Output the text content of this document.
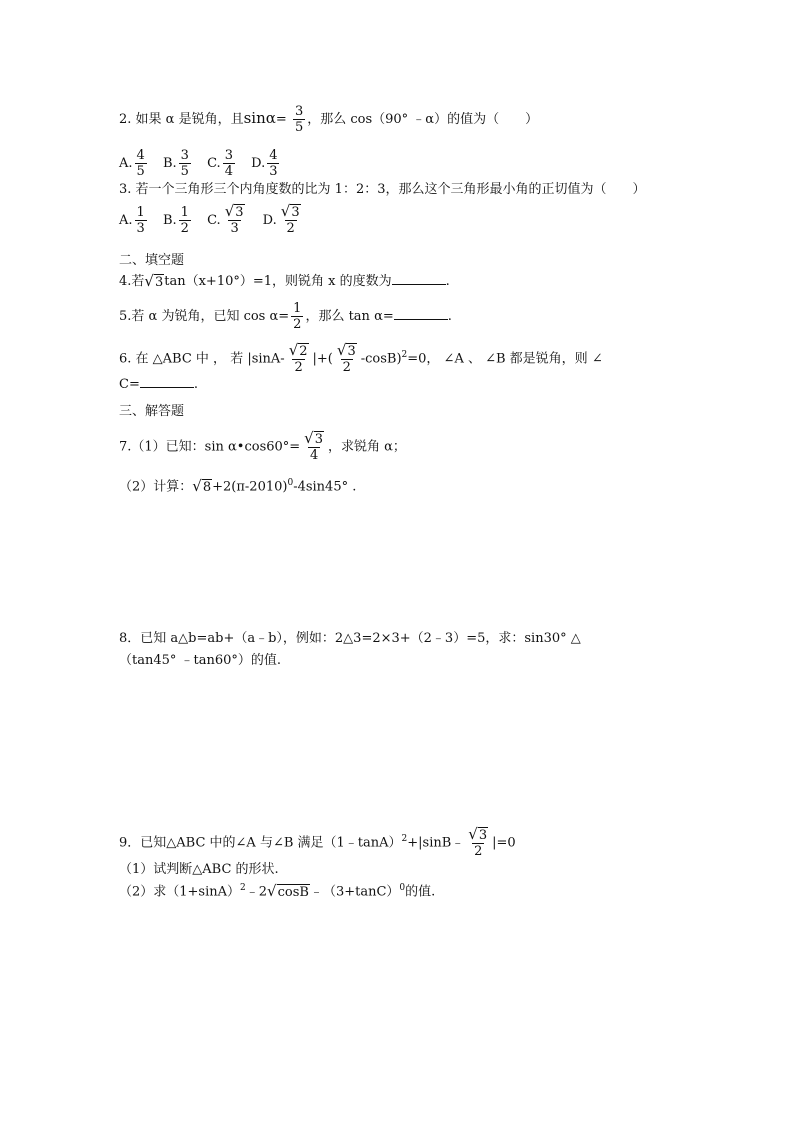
2. 如果 α 是锐角，且$\sin\alpha= \frac{3}{5}$ ，那么 cos（90° ﹣α）的值为（　　）
A. $\frac{4}{5} B$. $\frac{3}{5} C$. $\frac{3}{4} D$. $\frac{4}{3}$
3. 若一个三角形三个内角度数的比为 1：2：3，那么这个三角形最小角的正切值为（　　）
A. $\frac{1}{3} B$. $\frac{1}{2} C$. $\frac{√ 3}{3} D$. $\frac{√ 3}{2}$
二、填空题
4.若 √ 3 tan（x+10°）=1，则锐角 x 的度数为	.
5.若 α 为锐角，已知 $\cos \alpha= \frac{1}{2}$ ，那么 tan α=	.
6. 在 △ABC 中 ， 若 $|\sin A- \frac{√ 2}{2}$ |+( $\frac{√ 3}{2} -\cos B)^2=0$， ∠A 、 ∠B 都是锐角，则 ∠
C=	.
三、解答题
7.（1）已知：sin α•cos60°= $\frac{√ 3}{4}$ ，求锐角 α；
（2）计算： √ $8 +2(\pi-2010)^0-4\sin 45^\circ$ .
8．已知 a△b=ab+（a﹣b），例如：2△3=2×3+（2﹣3）=5，求：sin30° △
（tan45° ﹣tan60°）的值.
9．已知△ABC 中的∠A 与∠B 满足（1﹣tanA）$^2$+|sinB﹣ $\frac{√ 3}{2} |=0$
（1）试判断△ABC 的形状.
（2）求$(1+\sin A)^2﹣2$ √ cosB $﹣(3+\tan C)^0$的值.
